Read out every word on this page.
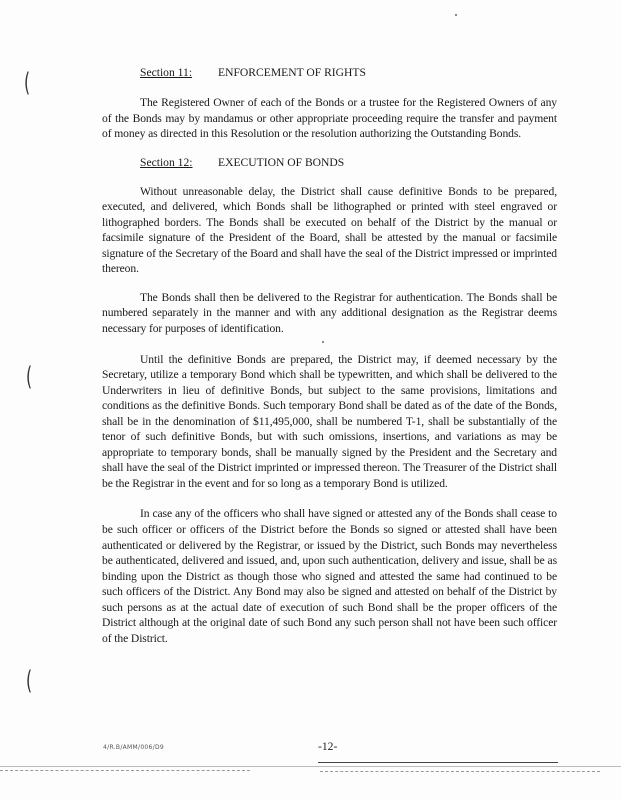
(
(
(

Section 11: ENFORCEMENT OF RIGHTS

The Registered Owner of each of the Bonds or a trustee for the Registered Owners of any of the Bonds may by mandamus or other appropriate proceeding require the transfer and payment of money as directed in this Resolution or the resolution authorizing the Outstanding Bonds.

Section 12: EXECUTION OF BONDS

Without unreasonable delay, the District shall cause definitive Bonds to be prepared, executed, and delivered, which Bonds shall be lithographed or printed with steel engraved or lithographed borders. The Bonds shall be executed on behalf of the District by the manual or facsimile signature of the President of the Board, shall be attested by the manual or facsimile signature of the Secretary of the Board and shall have the seal of the District impressed or imprinted thereon.

The Bonds shall then be delivered to the Registrar for authentication. The Bonds shall be numbered separately in the manner and with any additional designation as the Registrar deems necessary for purposes of identification.

Until the definitive Bonds are prepared, the District may, if deemed necessary by the Secretary, utilize a temporary Bond which shall be typewritten, and which shall be delivered to the Underwriters in lieu of definitive Bonds, but subject to the same provisions, limitations and conditions as the definitive Bonds. Such temporary Bond shall be dated as of the date of the Bonds, shall be in the denomination of $11,495,000, shall be numbered T-1, shall be substantially of the tenor of such definitive Bonds, but with such omissions, insertions, and variations as may be appropriate to temporary bonds, shall be manually signed by the President and the Secretary and shall have the seal of the District imprinted or impressed thereon. The Treasurer of the District shall be the Registrar in the event and for so long as a temporary Bond is utilized.

In case any of the officers who shall have signed or attested any of the Bonds shall cease to be such officer or officers of the District before the Bonds so signed or attested shall have been authenticated or delivered by the Registrar, or issued by the District, such Bonds may nevertheless be authenticated, delivered and issued, and, upon such authentication, delivery and issue, shall be as binding upon the District as though those who signed and attested the same had continued to be such officers of the District. Any Bond may also be signed and attested on behalf of the District by such persons as at the actual date of execution of such Bond shall be the proper officers of the District although at the original date of such Bond any such person shall not have been such officer of the District.

4/R.B/AMM/006/D9	-12-
